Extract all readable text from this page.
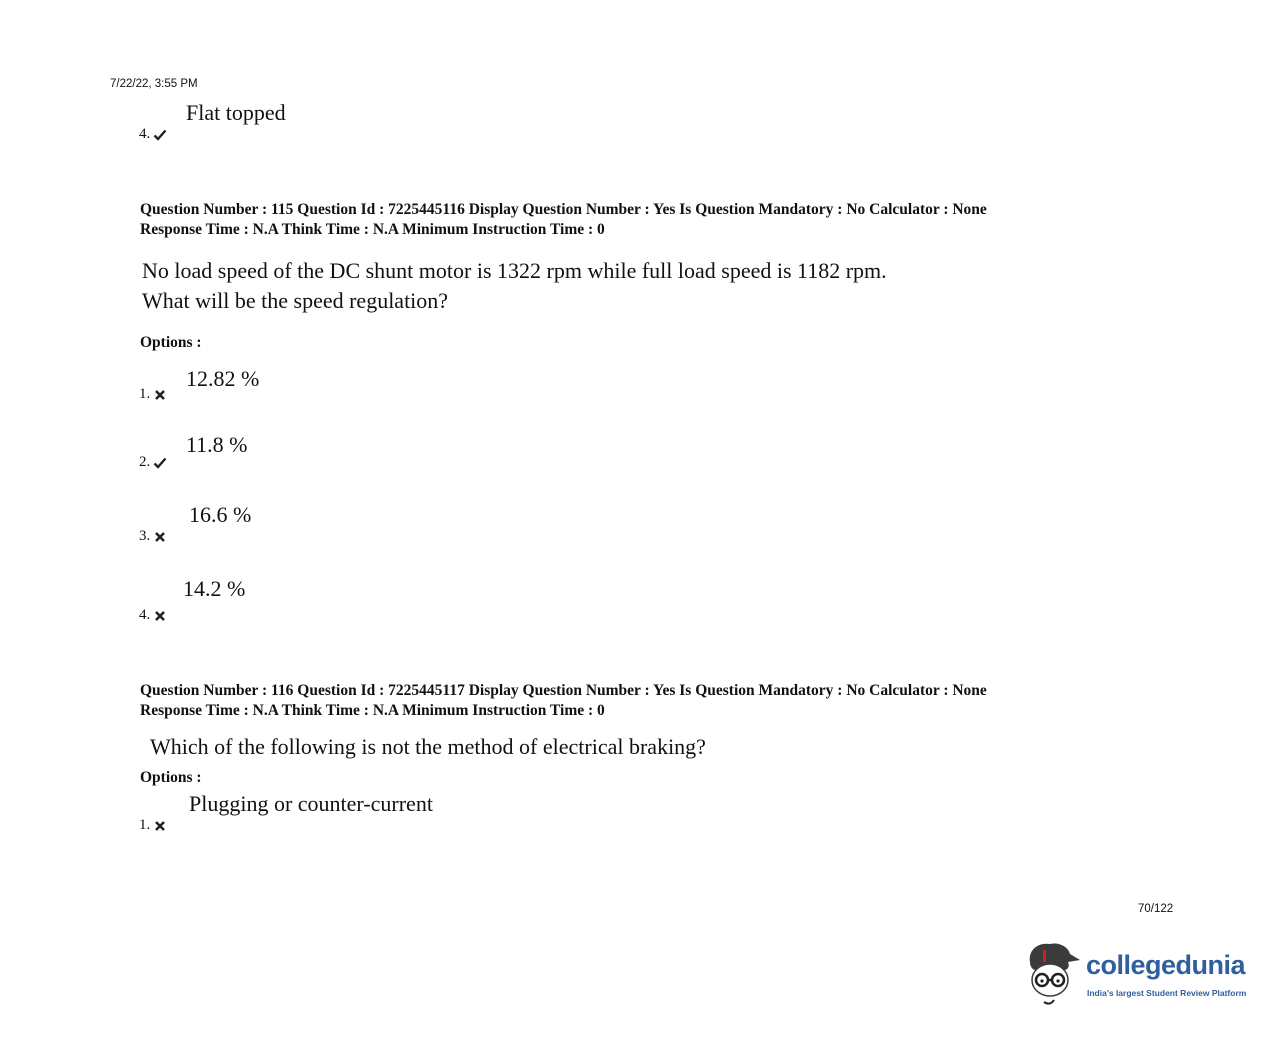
7/22/22, 3:55 PM
Flat topped
4.
Question Number : 115 Question Id : 7225445116 Display Question Number : Yes Is Question Mandatory : No Calculator : None
Response Time : N.A Think Time : N.A Minimum Instruction Time : 0
No load speed of the DC shunt motor is 1322 rpm while full load speed is 1182 rpm.
What will be the speed regulation?
Options :
12.82 %
1.
11.8 %
2.
16.6 %
3.
14.2 %
4.
Question Number : 116 Question Id : 7225445117 Display Question Number : Yes Is Question Mandatory : No Calculator : None
Response Time : N.A Think Time : N.A Minimum Instruction Time : 0
Which of the following is not the method of electrical braking?
Options :
Plugging or counter-current
1.
70/122
collegedunia
India's largest Student Review Platform
